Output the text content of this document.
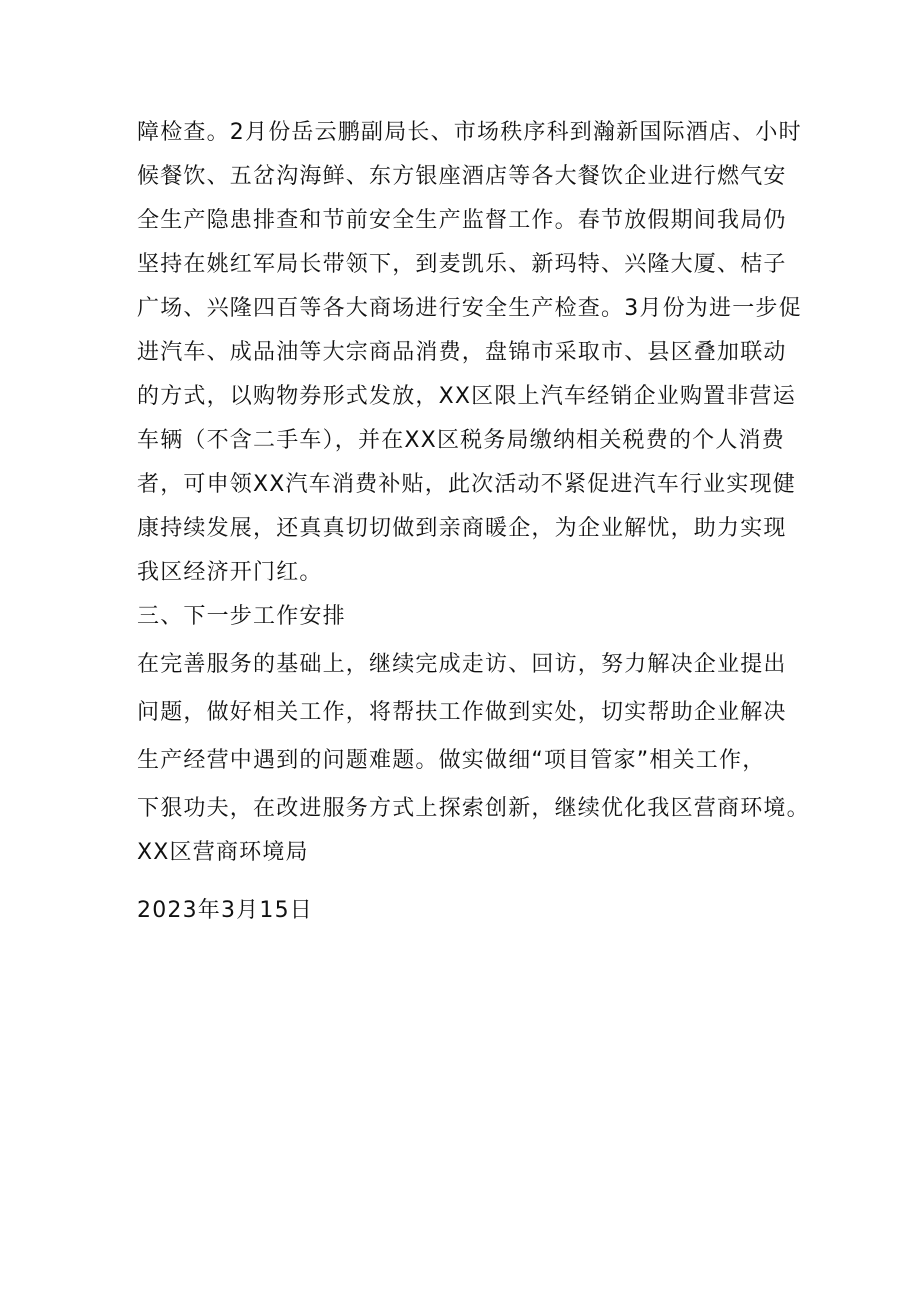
障检查。2月份岳云鹏副局长、市场秩序科到瀚新国际酒店、小时
候餐饮、五岔沟海鲜、东方银座酒店等各大餐饮企业进行燃气安
全生产隐患排查和节前安全生产监督工作。春节放假期间我局仍
坚持在姚红军局长带领下，到麦凯乐、新玛特、兴隆大厦、桔子
广场、兴隆四百等各大商场进行安全生产检查。3月份为进一步促
进汽车、成品油等大宗商品消费，盘锦市采取市、县区叠加联动
的方式，以购物券形式发放，XX区限上汽车经销企业购置非营运
车辆（不含二手车），并在XX区税务局缴纳相关税费的个人消费
者，可申领XX汽车消费补贴，此次活动不紧促进汽车行业实现健
康持续发展，还真真切切做到亲商暖企，为企业解忧，助力实现
我区经济开门红。
三、下一步工作安排
在完善服务的基础上，继续完成走访、回访，努力解决企业提出
问题，做好相关工作，将帮扶工作做到实处，切实帮助企业解决
生产经营中遇到的问题难题。做实做细“项目管家”相关工作，
下狠功夫，在改进服务方式上探索创新，继续优化我区营商环境。
XX区营商环境局
2023年3月15日
